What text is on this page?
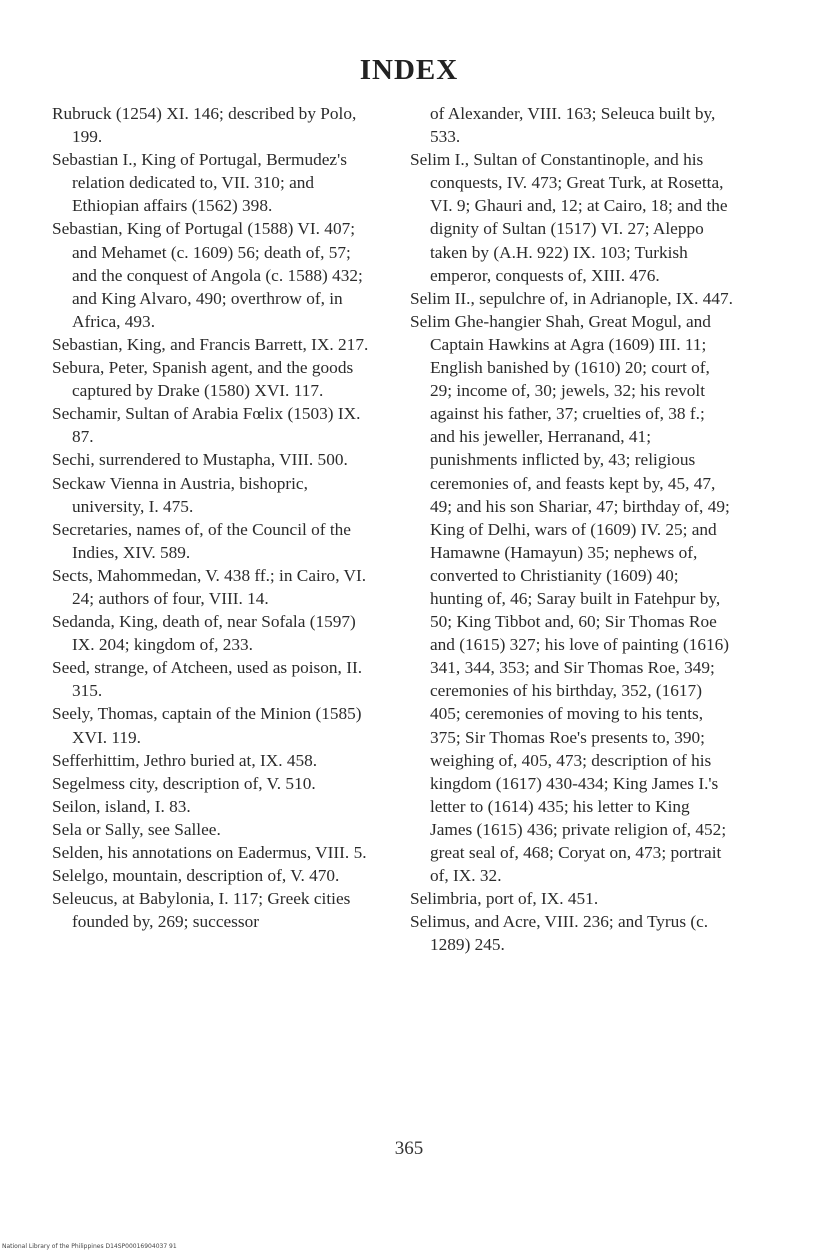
INDEX
Rubruck (1254) XI. 146; described by Polo, 199.
Sebastian I., King of Portugal, Bermudez's relation dedicated to, VII. 310; and Ethiopian affairs (1562) 398.
Sebastian, King of Portugal (1588) VI. 407; and Mehamet (c. 1609) 56; death of, 57; and the conquest of Angola (c. 1588) 432; and King Alvaro, 490; overthrow of, in Africa, 493.
Sebastian, King, and Francis Barrett, IX. 217.
Sebura, Peter, Spanish agent, and the goods captured by Drake (1580) XVI. 117.
Sechamir, Sultan of Arabia Fœlix (1503) IX. 87.
Sechi, surrendered to Mustapha, VIII. 500.
Seckaw Vienna in Austria, bishopric, university, I. 475.
Secretaries, names of, of the Council of the Indies, XIV. 589.
Sects, Mahommedan, V. 438 ff.; in Cairo, VI. 24; authors of four, VIII. 14.
Sedanda, King, death of, near Sofala (1597) IX. 204; kingdom of, 233.
Seed, strange, of Atcheen, used as poison, II. 315.
Seely, Thomas, captain of the Minion (1585) XVI. 119.
Sefferhittim, Jethro buried at, IX. 458.
Segelmess city, description of, V. 510.
Seilon, island, I. 83.
Sela or Sally, see Sallee.
Selden, his annotations on Eadermus, VIII. 5.
Selelgo, mountain, description of, V. 470.
Seleucus, at Babylonia, I. 117; Greek cities founded by, 269; successor
of Alexander, VIII. 163; Seleuca built by, 533.
Selim I., Sultan of Constantinople, and his conquests, IV. 473; Great Turk, at Rosetta, VI. 9; Ghauri and, 12; at Cairo, 18; and the dignity of Sultan (1517) VI. 27; Aleppo taken by (A.H. 922) IX. 103; Turkish emperor, conquests of, XIII. 476.
Selim II., sepulchre of, in Adrianople, IX. 447.
Selim Ghe-hangier Shah, Great Mogul, and Captain Hawkins at Agra (1609) III. 11; English banished by (1610) 20; court of, 29; income of, 30; jewels, 32; his revolt against his father, 37; cruelties of, 38 f.; and his jeweller, Herranand, 41; punishments inflicted by, 43; religious ceremonies of, and feasts kept by, 45, 47, 49; and his son Shariar, 47; birthday of, 49; King of Delhi, wars of (1609) IV. 25; and Hamawne (Hamayun) 35; nephews of, converted to Christianity (1609) 40; hunting of, 46; Saray built in Fatehpur by, 50; King Tibbot and, 60; Sir Thomas Roe and (1615) 327; his love of painting (1616) 341, 344, 353; and Sir Thomas Roe, 349; ceremonies of his birthday, 352, (1617) 405; ceremonies of moving to his tents, 375; Sir Thomas Roe's presents to, 390; weighing of, 405, 473; description of his kingdom (1617) 430-434; King James I.'s letter to (1614) 435; his letter to King James (1615) 436; private religion of, 452; great seal of, 468; Coryat on, 473; portrait of, IX. 32.
Selimbria, port of, IX. 451.
Selimus, and Acre, VIII. 236; and Tyrus (c. 1289) 245.
365
National Library of the Philippines D14SP00016904037 91
